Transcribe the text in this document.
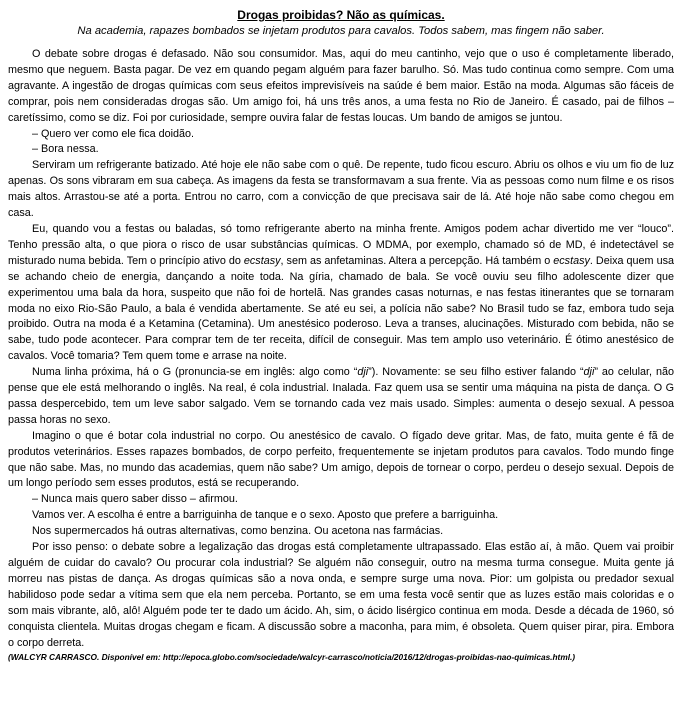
Drogas proibidas? Não as químicas.
Na academia, rapazes bombados se injetam produtos para cavalos. Todos sabem, mas fingem não saber.

O debate sobre drogas é defasado. Não sou consumidor. Mas, aqui do meu cantinho, vejo que o uso é completamente liberado, mesmo que neguem. Basta pagar. De vez em quando pegam alguém para fazer barulho. Só. Mas tudo continua como sempre. Com uma agravante. A ingestão de drogas químicas com seus efeitos imprevisíveis na saúde é bem maior. Estão na moda. Algumas são fáceis de comprar, pois nem consideradas drogas são. Um amigo foi, há uns três anos, a uma festa no Rio de Janeiro. É casado, pai de filhos – caretíssimo, como se diz. Foi por curiosidade, sempre ouvira falar de festas loucas. Um bando de amigos se juntou.

– Quero ver como ele fica doidão.

– Bora nessa.

Serviram um refrigerante batizado. Até hoje ele não sabe com o quê. De repente, tudo ficou escuro. Abriu os olhos e viu um fio de luz apenas. Os sons vibraram em sua cabeça. As imagens da festa se transformavam a sua frente. Via as pessoas como num filme e os risos mais altos. Arrastou-se até a porta. Entrou no carro, com a convicção de que precisava sair de lá. Até hoje não sabe como chegou em casa.

Eu, quando vou a festas ou baladas, só tomo refrigerante aberto na minha frente. Amigos podem achar divertido me ver “louco”. Tenho pressão alta, o que piora o risco de usar substâncias químicas. O MDMA, por exemplo, chamado só de MD, é indetectável se misturado numa bebida. Tem o princípio ativo do ecstasy, sem as anfetaminas. Altera a percepção. Há também o ecstasy. Deixa quem usa se achando cheio de energia, dançando a noite toda. Na gíria, chamado de bala. Se você ouviu seu filho adolescente dizer que experimentou uma bala da hora, suspeito que não foi de hortelã. Nas grandes casas noturnas, e nas festas itinerantes que se tornaram moda no eixo Rio-São Paulo, a bala é vendida abertamente. Se até eu sei, a polícia não sabe? No Brasil tudo se faz, embora tudo seja proibido. Outra na moda é a Ketamina (Cetamina). Um anestésico poderoso. Leva a transes, alucinações. Misturado com bebida, não se sabe, tudo pode acontecer. Para comprar tem de ter receita, difícil de conseguir. Mas tem amplo uso veterinário. É ótimo anestésico de cavalos. Você tomaria? Tem quem tome e arrase na noite.

Numa linha próxima, há o G (pronuncia-se em inglês: algo como “dji”). Novamente: se seu filho estiver falando “dji” ao celular, não pense que ele está melhorando o inglês. Na real, é cola industrial. Inalada. Faz quem usa se sentir uma máquina na pista de dança. O G passa despercebido, tem um leve sabor salgado. Vem se tornando cada vez mais usado. Simples: aumenta o desejo sexual. A pessoa passa horas no sexo.

Imagino o que é botar cola industrial no corpo. Ou anestésico de cavalo. O fígado deve gritar. Mas, de fato, muita gente é fã de produtos veterinários. Esses rapazes bombados, de corpo perfeito, frequentemente se injetam produtos para cavalos. Todo mundo finge que não sabe. Mas, no mundo das academias, quem não sabe? Um amigo, depois de tornear o corpo, perdeu o desejo sexual. Depois de um longo período sem esses produtos, está se recuperando.

– Nunca mais quero saber disso – afirmou.

Vamos ver. A escolha é entre a barriguinha de tanque e o sexo. Aposto que prefere a barriguinha.

Nos supermercados há outras alternativas, como benzina. Ou acetona nas farmácias.

Por isso penso: o debate sobre a legalização das drogas está completamente ultrapassado. Elas estão aí, à mão. Quem vai proibir alguém de cuidar do cavalo? Ou procurar cola industrial? Se alguém não conseguir, outro na mesma turma consegue. Muita gente já morreu nas pistas de dança. As drogas químicas são a nova onda, e sempre surge uma nova. Pior: um golpista ou predador sexual habilidoso pode sedar a vítima sem que ela nem perceba. Portanto, se em uma festa você sentir que as luzes estão mais coloridas e o som mais vibrante, alô, alô! Alguém pode ter te dado um ácido. Ah, sim, o ácido lisérgico continua em moda. Desde a década de 1960, só conquista clientela. Muitas drogas chegam e ficam. A discussão sobre a maconha, para mim, é obsoleta. Quem quiser pirar, pira. Embora o corpo derreta.

(WALCYR CARRASCO. Disponível em: http://epoca.globo.com/sociedade/walcyr-carrasco/noticia/2016/12/drogas-proibidas-nao-quimicas.html.)
